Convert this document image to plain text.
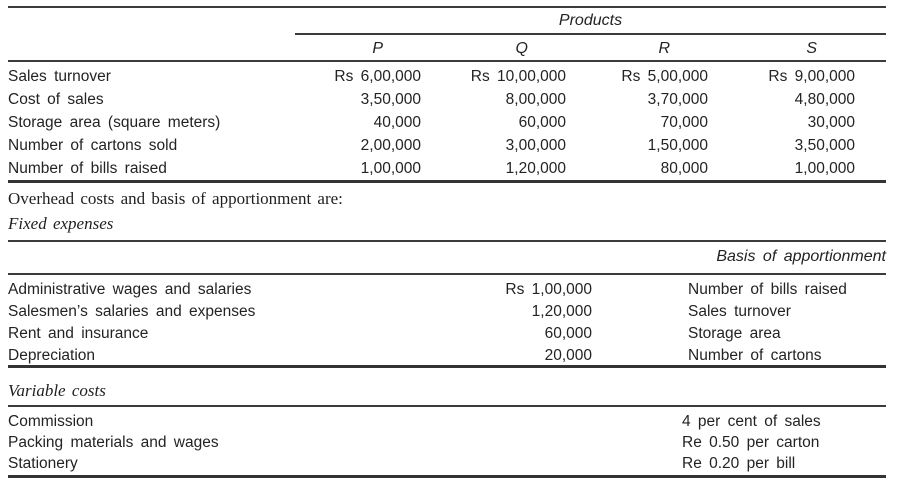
Products
P	Q	R	S
Sales turnover	Rs 6,00,000	Rs 10,00,000	Rs 5,00,000	Rs 9,00,000
Cost of sales	3,50,000	8,00,000	3,70,000	4,80,000
Storage area (square meters)	40,000	60,000	70,000	30,000
Number of cartons sold	2,00,000	3,00,000	1,50,000	3,50,000
Number of bills raised	1,00,000	1,20,000	80,000	1,00,000
Overhead costs and basis of apportionment are:
Fixed expenses
Basis of apportionment
Administrative wages and salaries	Rs 1,00,000	Number of bills raised
Salesmen’s salaries and expenses	1,20,000	Sales turnover
Rent and insurance	60,000	Storage area
Depreciation	20,000	Number of cartons
Variable costs
Commission	4 per cent of sales
Packing materials and wages	Re 0.50 per carton
Stationery	Re 0.20 per bill
